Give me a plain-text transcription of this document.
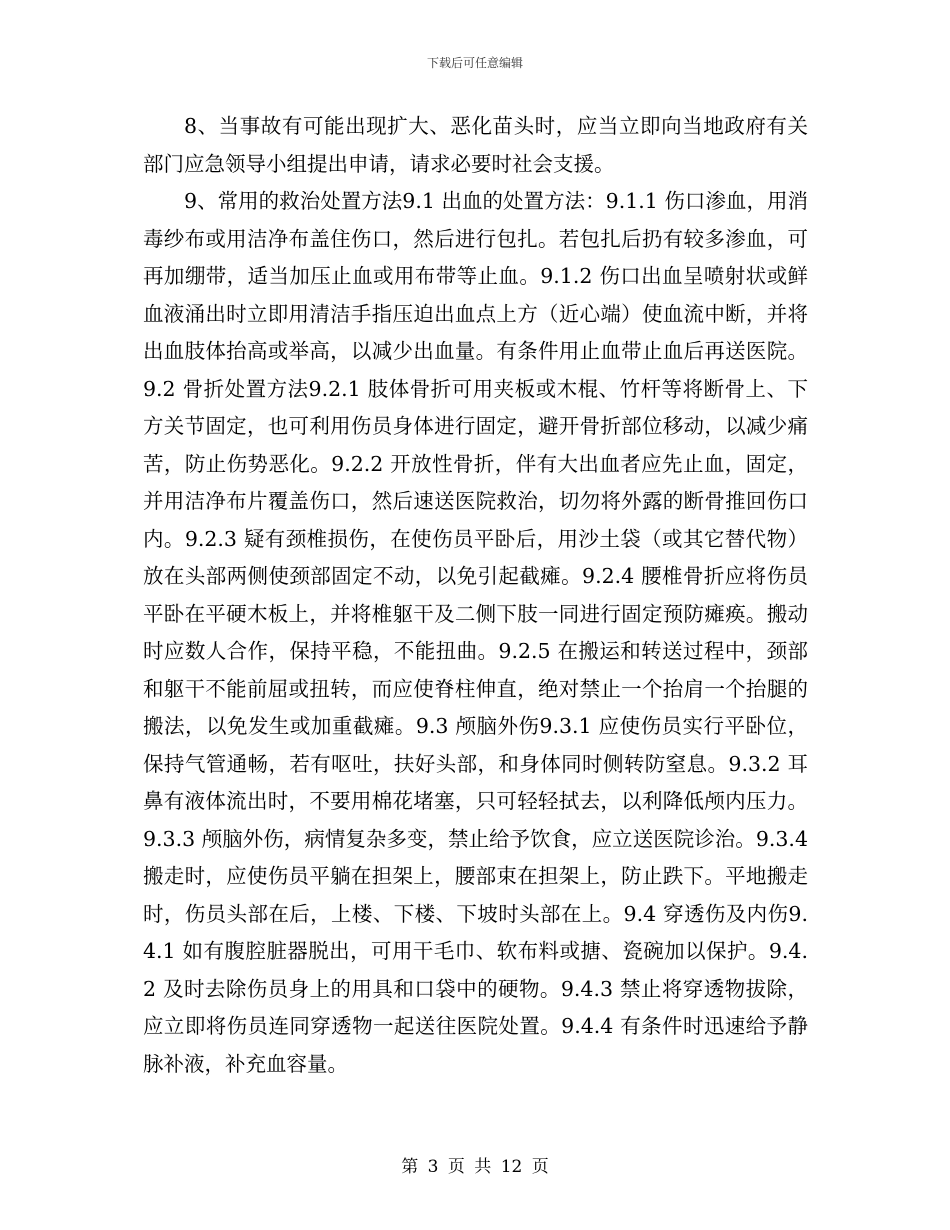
下载后可任意编辑

8、当事故有可能出现扩大、恶化苗头时，应当立即向当地政府有关部门应急领导小组提出申请，请求必要时社会支援。

9、常用的救治处置方法9.1 出血的处置方法：9.1.1 伤口渗血，用消毒纱布或用洁净布盖住伤口，然后进行包扎。若包扎后扔有较多渗血，可再加绷带，适当加压止血或用布带等止血。9.1.2 伤口出血呈喷射状或鲜血液涌出时立即用清洁手指压迫出血点上方（近心端）使血流中断，并将出血肢体抬高或举高，以减少出血量。有条件用止血带止血后再送医院。9.2 骨折处置方法9.2.1 肢体骨折可用夹板或木棍、竹杆等将断骨上、下方关节固定，也可利用伤员身体进行固定，避开骨折部位移动，以减少痛苦，防止伤势恶化。9.2.2 开放性骨折，伴有大出血者应先止血，固定，并用洁净布片覆盖伤口，然后速送医院救治，切勿将外露的断骨推回伤口内。9.2.3 疑有颈椎损伤，在使伤员平卧后，用沙土袋（或其它替代物）放在头部两侧使颈部固定不动，以免引起截瘫。9.2.4 腰椎骨折应将伤员平卧在平硬木板上，并将椎躯干及二侧下肢一同进行固定预防瘫痪。搬动时应数人合作，保持平稳，不能扭曲。9.2.5 在搬运和转送过程中，颈部和躯干不能前屈或扭转，而应使脊柱伸直，绝对禁止一个抬肩一个抬腿的搬法，以免发生或加重截瘫。9.3 颅脑外伤9.3.1 应使伤员实行平卧位，保持气管通畅，若有呕吐，扶好头部，和身体同时侧转防窒息。9.3.2 耳鼻有液体流出时，不要用棉花堵塞，只可轻轻拭去，以利降低颅内压力。9.3.3 颅脑外伤，病情复杂多变，禁止给予饮食，应立送医院诊治。9.3.4 搬走时，应使伤员平躺在担架上，腰部束在担架上，防止跌下。平地搬走时，伤员头部在后，上楼、下楼、下坡时头部在上。9.4 穿透伤及内伤9.4.1 如有腹腔脏器脱出，可用干毛巾、软布料或搪、瓷碗加以保护。9.4.2 及时去除伤员身上的用具和口袋中的硬物。9.4.3 禁止将穿透物拔除，应立即将伤员连同穿透物一起送往医院处置。9.4.4 有条件时迅速给予静脉补液，补充血容量。

第 3 页 共 12 页
